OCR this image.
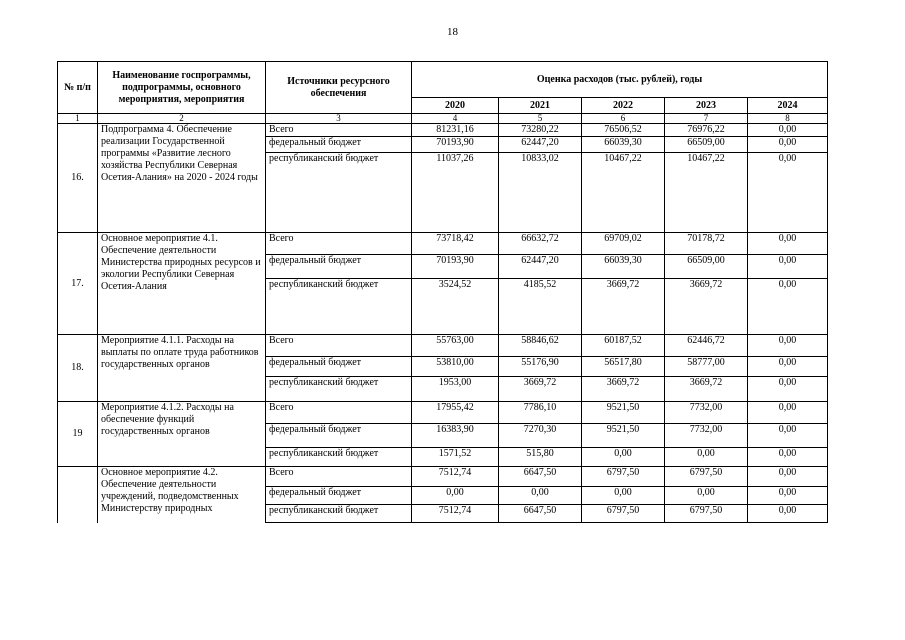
18
№ п/п	Наименование госпрограммы, подпрограммы, основного мероприятия, мероприятия	Источники ресурсного обеспечения	Оценка расходов (тыс. рублей), годы				
			2020	2021	2022	2023	2024
1	2	3	4	5	6	7	8
16.	Подпрограмма 4. Обеспечение реализации Государственной программы «Развитие лесного хозяйства Республики Северная Осетия-Алания» на 2020 - 2024 годы	Всего	81231,16	73280,22	76506,52	76976,22	0,00
		федеральный бюджет	70193,90	62447,20	66039,30	66509,00	0,00
		республиканский бюджет	11037,26	10833,02	10467,22	10467,22	0,00
17.	Основное мероприятие 4.1. Обеспечение деятельности Министерства природных ресурсов и экологии Республики Северная Осетия-Алания	Всего	73718,42	66632,72	69709,02	70178,72	0,00
		федеральный бюджет	70193,90	62447,20	66039,30	66509,00	0,00
		республиканский бюджет	3524,52	4185,52	3669,72	3669,72	0,00
18.	Мероприятие 4.1.1. Расходы на выплаты по оплате труда работников государственных органов	Всего	55763,00	58846,62	60187,52	62446,72	0,00
		федеральный бюджет	53810,00	55176,90	56517,80	58777,00	0,00
		республиканский бюджет	1953,00	3669,72	3669,72	3669,72	0,00
19	Мероприятие 4.1.2. Расходы на обеспечение функций государственных органов	Всего	17955,42	7786,10	9521,50	7732,00	0,00
		федеральный бюджет	16383,90	7270,30	9521,50	7732,00	0,00
		республиканский бюджет	1571,52	515,80	0,00	0,00	0,00
	Основное мероприятие 4.2. Обеспечение деятельности учреждений, подведомственных Министерству природных	Всего	7512,74	6647,50	6797,50	6797,50	0,00
		федеральный бюджет	0,00	0,00	0,00	0,00	0,00
		республиканский бюджет	7512,74	6647,50	6797,50	6797,50	0,00
